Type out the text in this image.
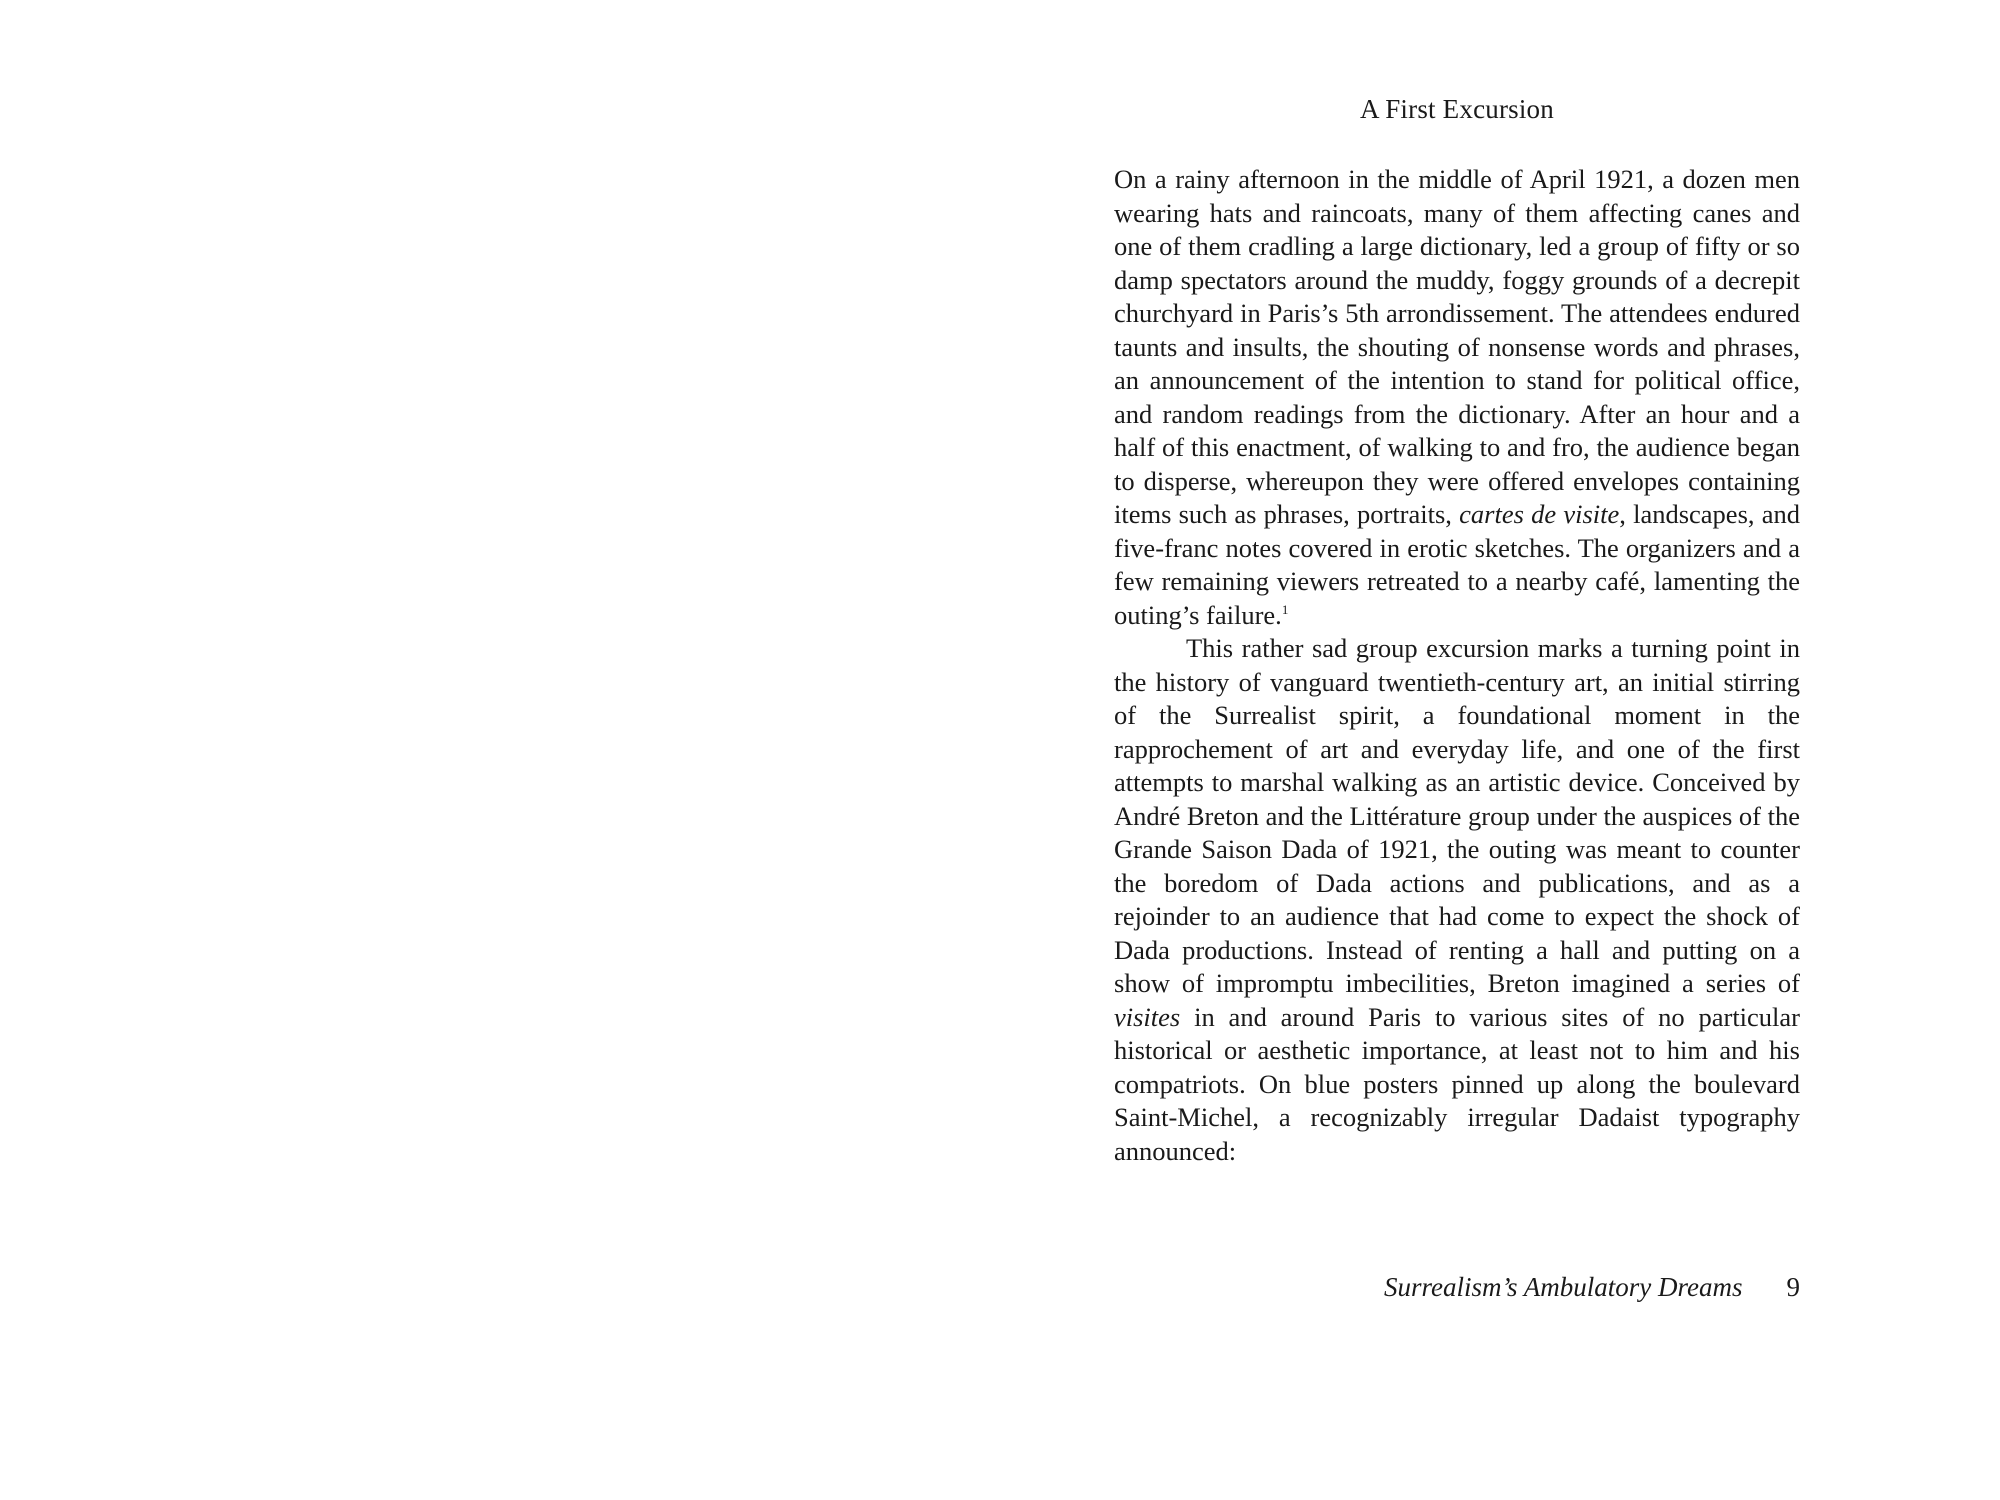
A First Excursion

On a rainy afternoon in the middle of April 1921, a dozen men wearing hats and raincoats, many of them affecting canes and one of them cradling a large dictionary, led a group of fifty or so damp spectators around the muddy, foggy grounds of a decrepit churchyard in Paris’s 5th arrondissement. The attendees endured taunts and insults, the shouting of nonsense words and phrases, an announcement of the intention to stand for political office, and random readings from the dictionary. After an hour and a half of this enactment, of walking to and fro, the audience began to disperse, whereupon they were offered envelopes containing items such as phrases, portraits, cartes de visite, landscapes, and five-franc notes covered in erotic sketches. The organizers and a few remaining viewers retreated to a nearby café, lamenting the outing’s failure.$^1$

This rather sad group excursion marks a turning point in the history of vanguard twentieth-century art, an initial stirring of the Surrealist spirit, a foundational moment in the rapprochement of art and everyday life, and one of the first attempts to marshal walking as an artistic device. Conceived by André Breton and the Littérature group under the auspices of the Grande Saison Dada of 1921, the outing was meant to counter the boredom of Dada actions and publications, and as a rejoinder to an audience that had come to expect the shock of Dada productions. Instead of renting a hall and putting on a show of impromptu imbecilities, Breton imagined a series of visites in and around Paris to various sites of no particular historical or aesthetic importance, at least not to him and his compatriots. On blue posters pinned up along the boulevard Saint-Michel, a recognizably irregular Dadaist typography announced:

Surrealism’s Ambulatory Dreams 9
